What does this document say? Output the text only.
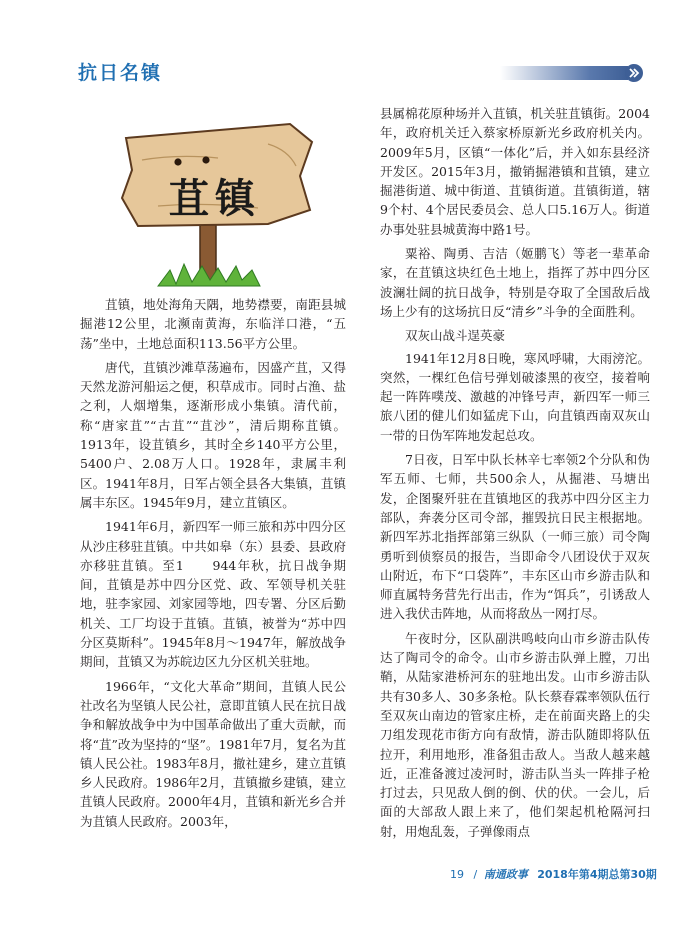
抗日名镇
苴镇

苴镇，地处海角天隅，地势襟要，南距县城掘港12公里，北濒南黄海，东临洋口港，“五荡”坐中，土地总面积113.56平方公里。

唐代，苴镇沙滩草荡遍布，因盛产苴，又得天然龙游河船运之便，积草成市。同时占渔、盐之利，人烟增集，逐渐形成小集镇。清代前，称“唐家苴”“古苴”“苴沙”，清后期称苴镇。1913年，设苴镇乡，其时全乡140平方公里，5400户、2.08万人口。1928年，隶属丰利区。1941年8月，日军占领全县各大集镇，苴镇属丰东区。1945年9月，建立苴镇区。

1941年6月，新四军一师三旅和苏中四分区从沙庄移驻苴镇。中共如皋（东）县委、县政府亦移驻苴镇。至1　　944年秋，抗日战争期间，苴镇是苏中四分区党、政、军领导机关驻地，驻李家园、刘家园等地，四专署、分区后勤机关、工厂均设于苴镇。苴镇，被誉为“苏中四分区莫斯科”。1945年8月～1947年，解放战争期间，苴镇又为苏皖边区九分区机关驻地。

1966年，“文化大革命”期间，苴镇人民公社改名为坚镇人民公社，意即苴镇人民在抗日战争和解放战争中为中国革命做出了重大贡献，而将“苴”改为坚持的“坚”。1981年7月，复名为苴镇人民公社。1983年8月，撤社建乡，建立苴镇乡人民政府。1986年2月，苴镇撤乡建镇，建立苴镇人民政府。2000年4月，苴镇和新光乡合并为苴镇人民政府。2003年，

县属棉花原种场并入苴镇，机关驻苴镇街。2004年，政府机关迁入蔡家桥原新光乡政府机关内。2009年5月，区镇“一体化”后，并入如东县经济开发区。2015年3月，撤销掘港镇和苴镇，建立掘港街道、城中街道、苴镇街道。苴镇街道，辖9个村、4个居民委员会、总人口5.16万人。街道办事处驻县城黄海中路1号。

粟裕、陶勇、吉洁（姬鹏飞）等老一辈革命家，在苴镇这块红色土地上，指挥了苏中四分区波澜壮阔的抗日战争，特别是夺取了全国敌后战场上少有的这场抗日反“清乡”斗争的全面胜利。

双灰山战斗逞英豪

1941年12月8日晚，寒风呼啸，大雨滂沱。突然，一棵红色信号弹划破漆黑的夜空，接着响起一阵阵噗茂、激越的冲锋号声，新四军一师三旅八团的健儿们如猛虎下山，向苴镇西南双灰山一带的日伪军阵地发起总攻。

7日夜，日军中队长林辛七率领2个分队和伪军五师、七师，共500余人，从掘港、马塘出发，企图聚歼驻在苴镇地区的我苏中四分区主力部队，奔袭分区司令部，摧毁抗日民主根据地。新四军苏北指挥部第三纵队（一师三旅）司令陶勇听到侦察员的报告，当即命令八团设伏于双灰山附近，布下“口袋阵”，丰东区山市乡游击队和师直属特务营先行出击，作为“饵兵”，引诱敌人进入我伏击阵地，从而将敌丛一网打尽。

午夜时分，区队副洪鸣岐向山市乡游击队传达了陶司令的命令。山市乡游击队弹上膛，刀出鞘，从陆家港桥河东的驻地出发。山市乡游击队共有30多人、30多条枪。队长蔡春霖率领队伍行至双灰山南边的管家庄桥，走在前面夹路上的尖刀组发现花市街方向有敌情，游击队随即将队伍拉开，利用地形，准备狙击敌人。当敌人越来越近，正准备渡过凌河时，游击队当头一阵排子枪打过去，只见敌人倒的倒、伏的伏。一会儿，后面的大部敌人跟上来了，他们架起机枪隔河扫射，用炮乱轰，子弹像雨点

19 / 南通政事 2018年第4期总第30期
